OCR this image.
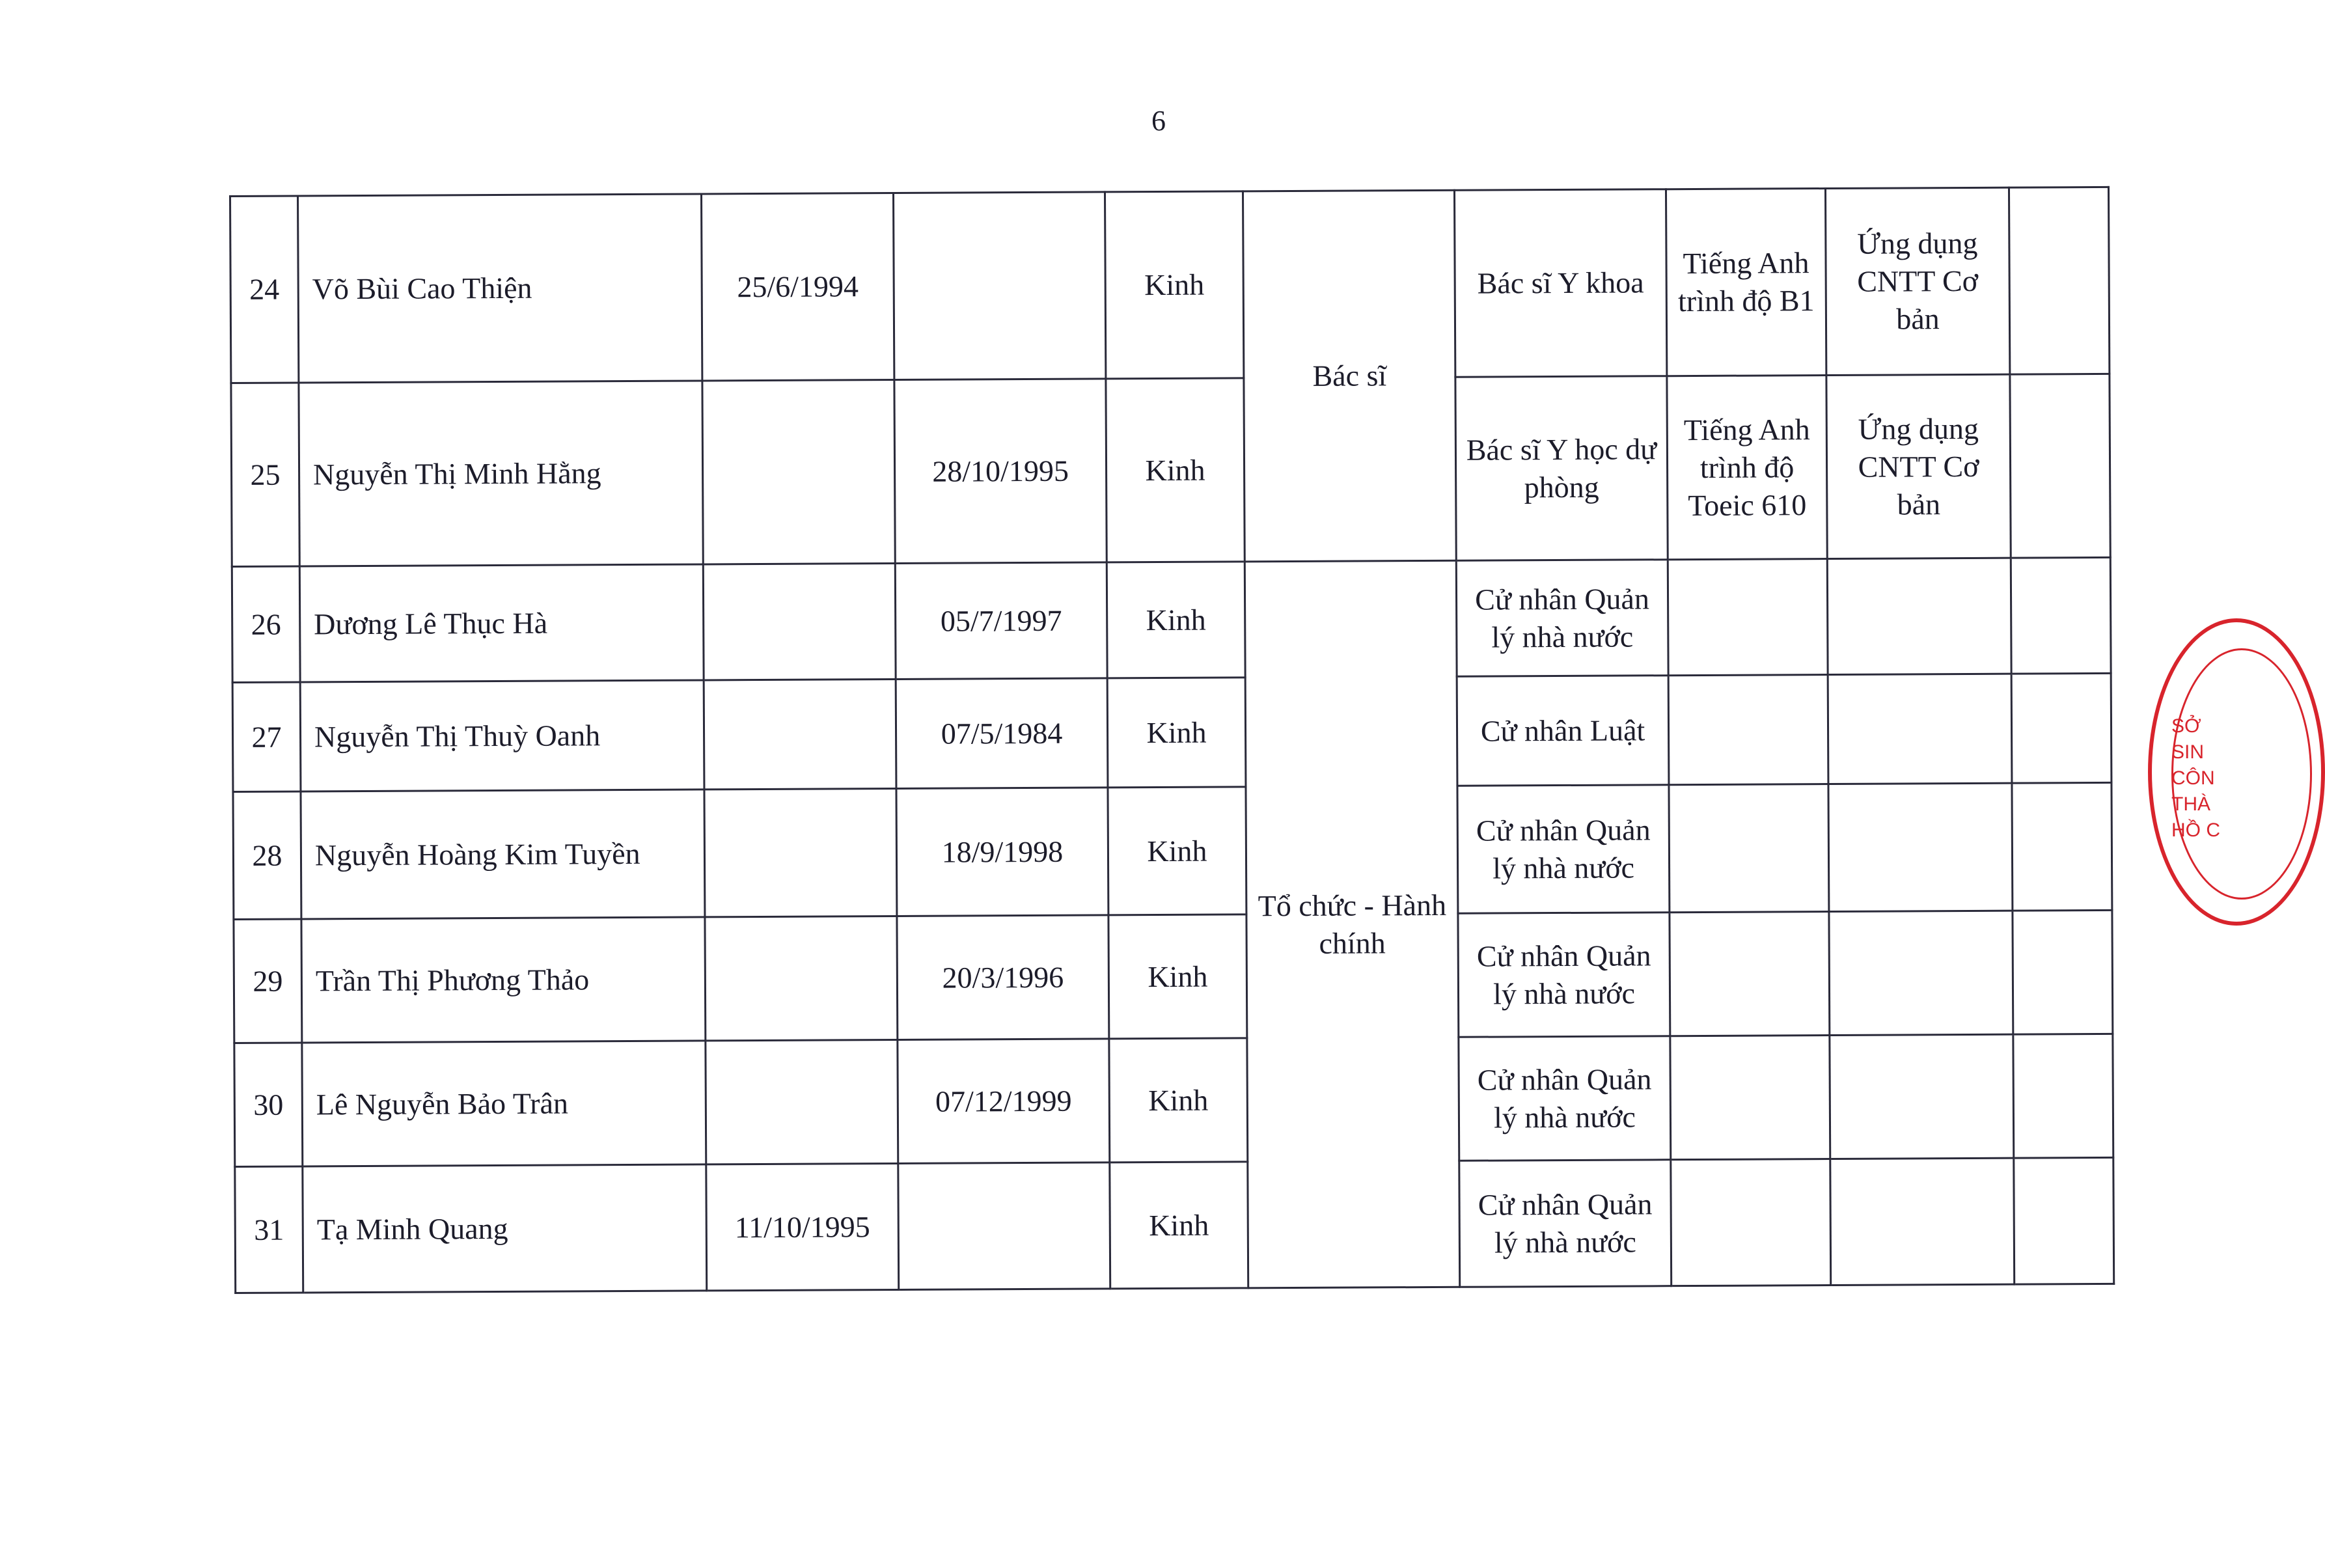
6
24	Võ Bùi Cao Thiện	25/6/1994		Kinh	Bác sĩ	Bác sĩ Y khoa	Tiếng Anh trình độ B1	Ứng dụng CNTT Cơ bản	
25	Nguyễn Thị Minh Hằng		28/10/1995	Kinh		Bác sĩ Y học dự phòng	Tiếng Anh trình độ Toeic 610	Ứng dụng CNTT Cơ bản	
26	Dương Lê Thục Hà		05/7/1997	Kinh	Tổ chức - Hành chính	Cử nhân Quản lý nhà nước			
27	Nguyễn Thị Thuỳ Oanh		07/5/1984	Kinh		Cử nhân Luật			
28	Nguyễn Hoàng Kim Tuyền		18/9/1998	Kinh		Cử nhân Quản lý nhà nước			
29	Trần Thị Phương Thảo		20/3/1996	Kinh		Cử nhân Quản lý nhà nước			
30	Lê Nguyễn Bảo Trân		07/12/1999	Kinh		Cử nhân Quản lý nhà nước			
31	Tạ Minh Quang	11/10/1995		Kinh		Cử nhân Quản lý nhà nước			
SỞ
SIN
CÔN
THÀ
HỒ C
